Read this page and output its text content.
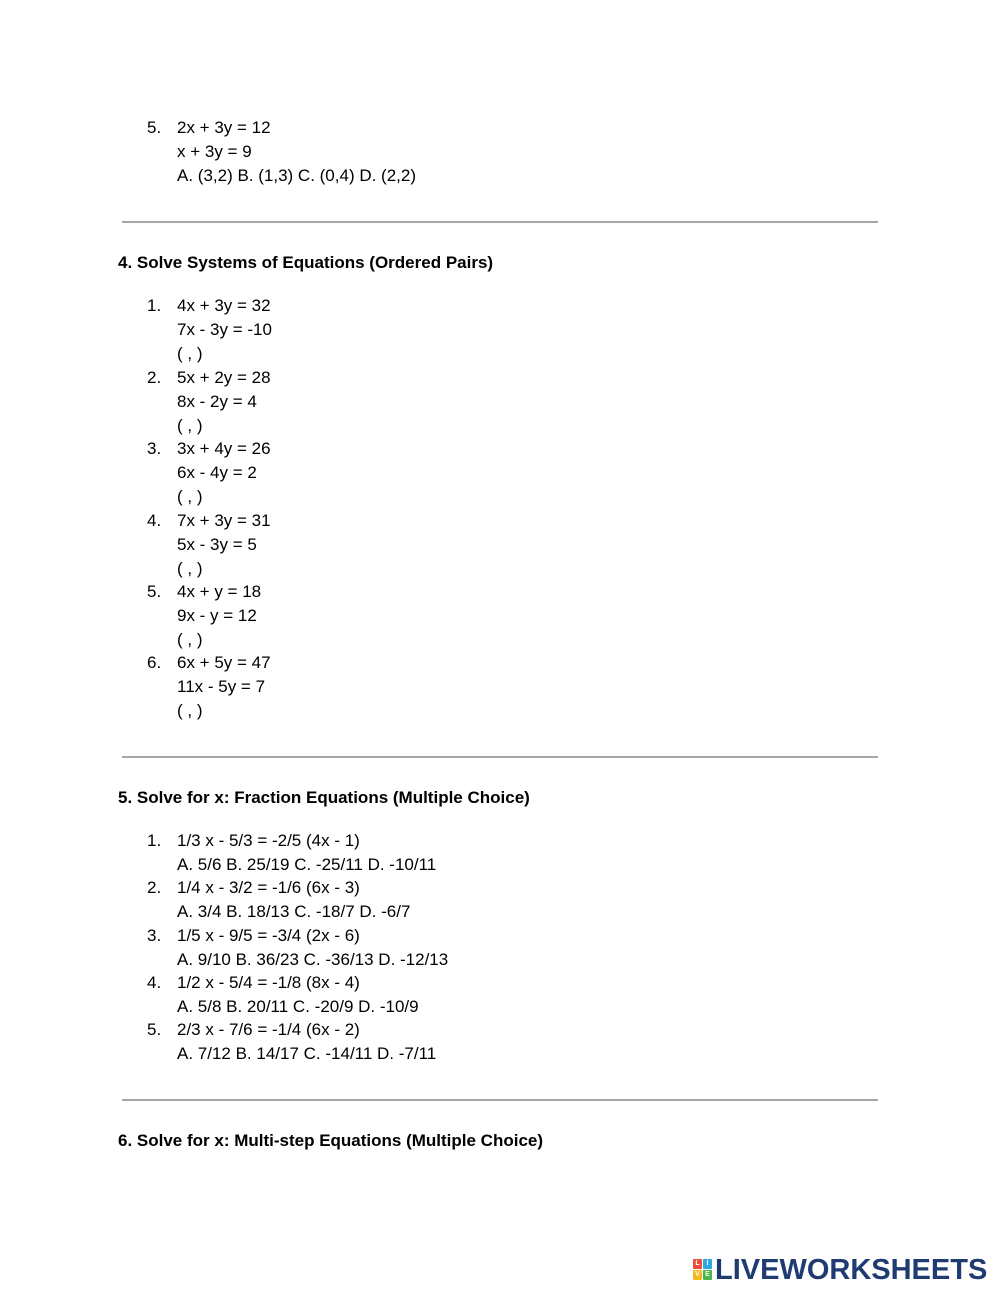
5. 2x + 3y = 12
x + 3y = 9
A. (3,2) B. (1,3) C. (0,4) D. (2,2)
4. Solve Systems of Equations (Ordered Pairs)
1. 4x + 3y = 32
7x - 3y = -10
( , )
2. 5x + 2y = 28
8x - 2y = 4
( , )
3. 3x + 4y = 26
6x - 4y = 2
( , )
4. 7x + 3y = 31
5x - 3y = 5
( , )
5. 4x + y = 18
9x - y = 12
( , )
6. 6x + 5y = 47
11x - 5y = 7
( , )
5. Solve for x: Fraction Equations (Multiple Choice)
1. 1/3 x - 5/3 = -2/5 (4x - 1)
A. 5/6 B. 25/19 C. -25/11 D. -10/11
2. 1/4 x - 3/2 = -1/6 (6x - 3)
A. 3/4 B. 18/13 C. -18/7 D. -6/7
3. 1/5 x - 9/5 = -3/4 (2x - 6)
A. 9/10 B. 36/23 C. -36/13 D. -12/13
4. 1/2 x - 5/4 = -1/8 (8x - 4)
A. 5/8 B. 20/11 C. -20/9 D. -10/9
5. 2/3 x - 7/6 = -1/4 (6x - 2)
A. 7/12 B. 14/17 C. -14/11 D. -7/11
6. Solve for x: Multi-step Equations (Multiple Choice)
L I
V E LIVEWORKSHEETS
